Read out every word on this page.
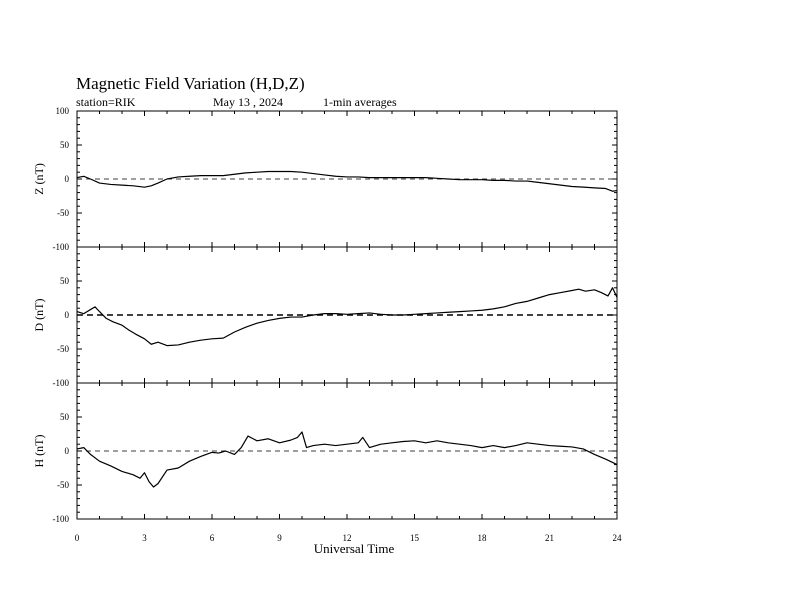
Magnetic Field Variation (H,D,Z)
station=RIK	May 13 , 2024	1-min averages
100
50
0
-50
-100
Z (nT)
50
0
-50
-100
D (nT)
50
0
-50
-100
H (nT)
0	3	6	9	12	15	18	21	24
Universal Time
